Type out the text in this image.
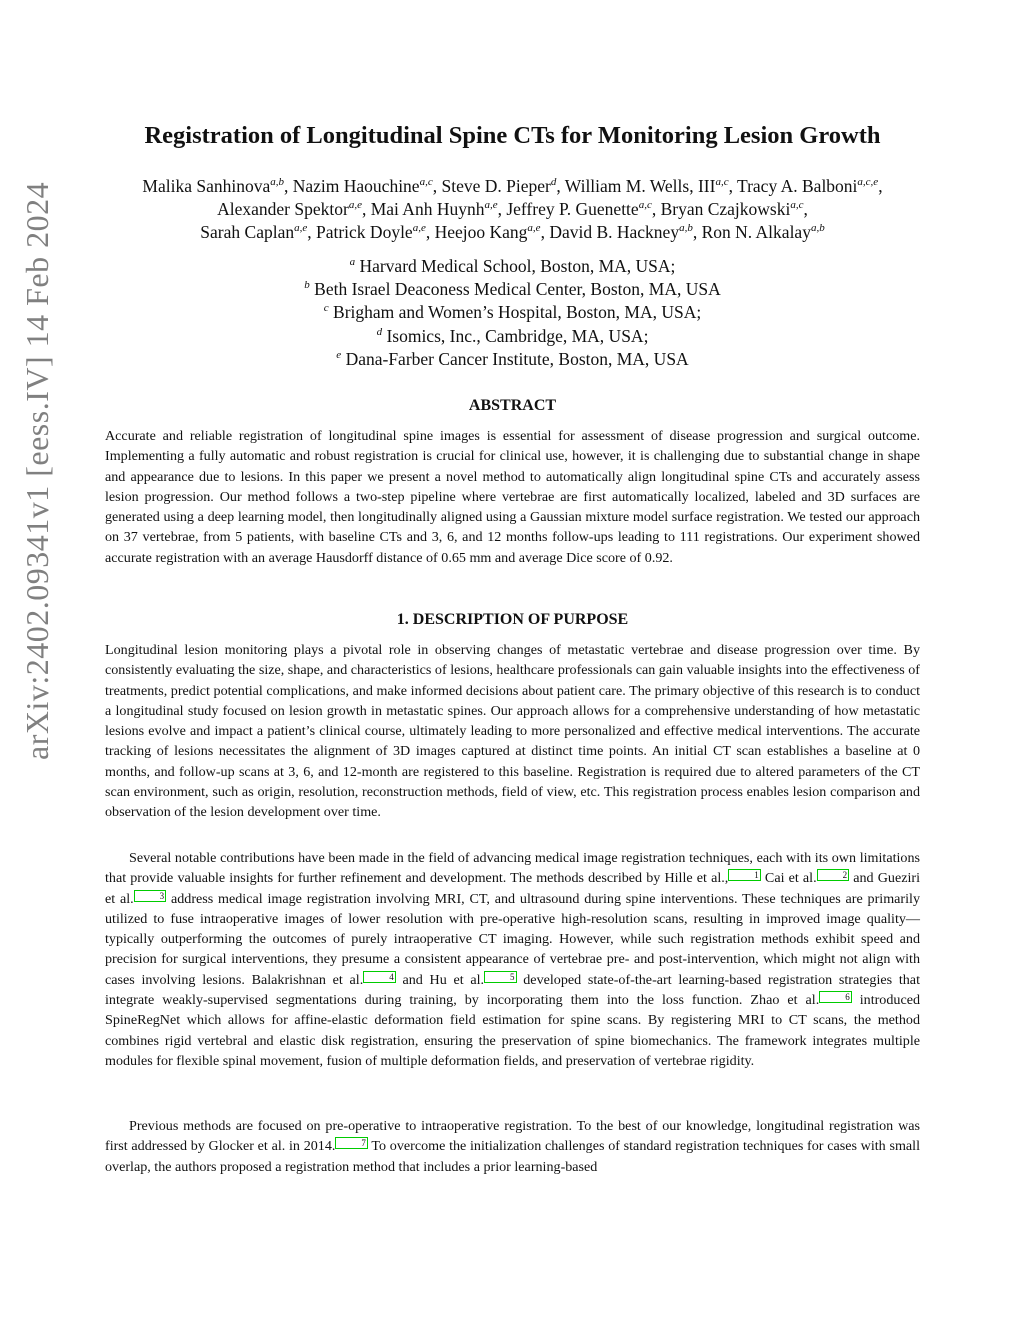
arXiv:2402.09341v1 [eess.IV] 14 Feb 2024
Registration of Longitudinal Spine CTs for Monitoring Lesion Growth
Malika Sanhinova$^{a,b}$, Nazim Haouchine$^{a,c}$, Steve D. Pieper$^d$, William M. Wells, III$^{a,c}$, Tracy A. Balboni$^{a,c,e}$, Alexander Spektor$^{a,e}$, Mai Anh Huynh$^{a,e}$, Jeffrey P. Guenette$^{a,c}$, Bryan Czajkowski$^{a,c}$,
Sarah Caplan$^{a,e}$, Patrick Doyle$^{a,e}$, Heejoo Kang$^{a,e}$, David B. Hackney$^{a,b}$, Ron N. Alkalay$^{a,b}$
$^a$ Harvard Medical School, Boston, MA, USA;
$^b$ Beth Israel Deaconess Medical Center, Boston, MA, USA
$^c$ Brigham and Women’s Hospital, Boston, MA, USA;
$^d$ Isomics, Inc., Cambridge, MA, USA;
$^e$ Dana-Farber Cancer Institute, Boston, MA, USA
ABSTRACT

Accurate and reliable registration of longitudinal spine images is essential for assessment of disease progression and surgical outcome. Implementing a fully automatic and robust registration is crucial for clinical use, however, it is challenging due to substantial change in shape and appearance due to lesions. In this paper we present a novel method to automatically align longitudinal spine CTs and accurately assess lesion progression. Our method follows a two-step pipeline where vertebrae are first automatically localized, labeled and 3D surfaces are generated using a deep learning model, then longitudinally aligned using a Gaussian mixture model surface registration. We tested our approach on 37 vertebrae, from 5 patients, with baseline CTs and 3, 6, and 12 months follow-ups leading to 111 registrations. Our experiment showed accurate registration with an average Hausdorff distance of 0.65 mm and average Dice score of 0.92.

1. DESCRIPTION OF PURPOSE

Longitudinal lesion monitoring plays a pivotal role in observing changes of metastatic vertebrae and disease progression over time. By consistently evaluating the size, shape, and characteristics of lesions, healthcare professionals can gain valuable insights into the effectiveness of treatments, predict potential complications, and make informed decisions about patient care. The primary objective of this research is to conduct a longitudinal study focused on lesion growth in metastatic spines. Our approach allows for a comprehensive understanding of how metastatic lesions evolve and impact a patient’s clinical course, ultimately leading to more personalized and effective medical interventions. The accurate tracking of lesions necessitates the alignment of 3D images captured at distinct time points. An initial CT scan establishes a baseline at 0 months, and follow-up scans at 3, 6, and 12-month are registered to this baseline. Registration is required due to altered parameters of the CT scan environment, such as origin, resolution, reconstruction methods, field of view, etc. This registration process enables lesion comparison and observation of the lesion development over time.

Several notable contributions have been made in the field of advancing medical image registration techniques, each with its own limitations that provide valuable insights for further refinement and development. The methods described by Hille et al.,	1 Cai et al.	2 and Gueziri et al.	3 address medical image registration involving MRI, CT, and ultrasound during spine interventions. These techniques are primarily utilized to fuse intraoperative images of lower resolution with pre-operative high-resolution scans, resulting in improved image quality—typically outperforming the outcomes of purely intraoperative CT imaging. However, while such registration methods exhibit speed and precision for surgical interventions, they presume a consistent appearance of vertebrae pre- and post-intervention, which might not align with cases involving lesions. Balakrishnan et al.	4 and Hu et al.	5 developed state-of-the-art learning-based registration strategies that integrate weakly-supervised segmentations during training, by incorporating them into the loss function. Zhao et al.	6 introduced SpineRegNet which allows for affine-elastic deformation field estimation for spine scans. By registering MRI to CT scans, the method combines rigid vertebral and elastic disk registration, ensuring the preservation of spine biomechanics. The framework integrates multiple modules for flexible spinal movement, fusion of multiple deformation fields, and preservation of vertebrae rigidity.

Previous methods are focused on pre-operative to intraoperative registration. To the best of our knowledge, longitudinal registration was first addressed by Glocker et al. in 2014.	7 To overcome the initialization challenges of standard registration techniques for cases with small overlap, the authors proposed a registration method that includes a prior learning-based
